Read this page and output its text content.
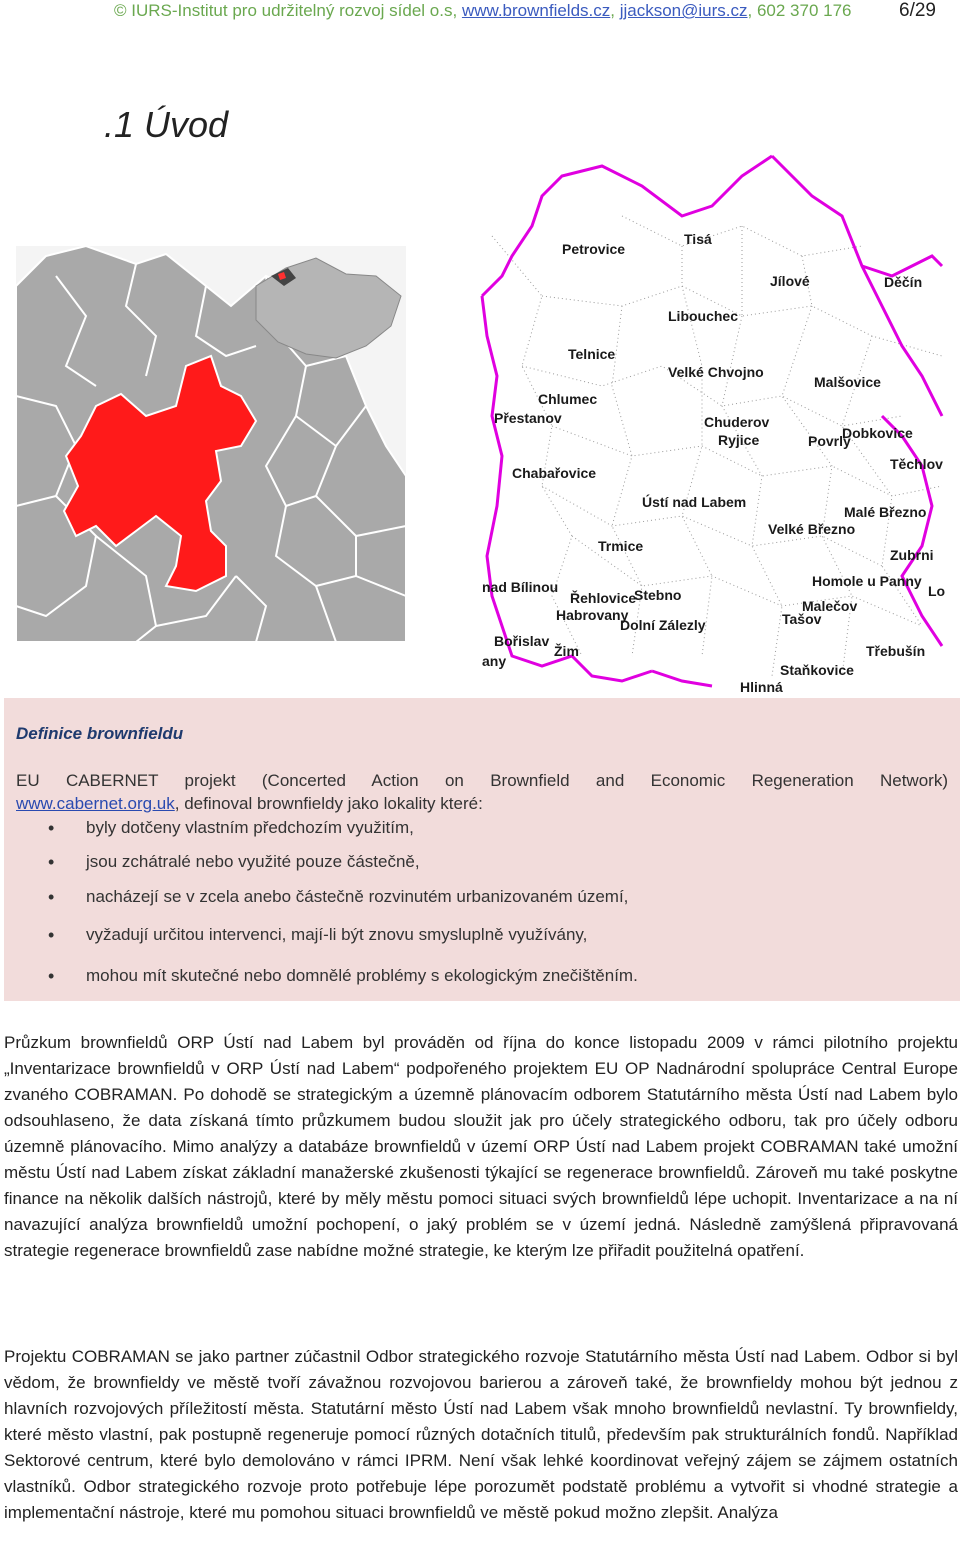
© IURS-Institut pro udržitelný rozvoj sídel o.s, www.brownfields.cz, jjackson@iurs.cz, 602 370 176	6/29
.1 Úvod
Petrovice
Tisá
Jílové	Děčín
Libouchec
Telnice
Velké Chvojno
Malšovice
Chlumec
Přestanov	Chuderov
Ryjice	Povrly
Dobkovice
Těchlov
Chabařovice
Ústí nad Labem
Malé Březno
Velké Březno
Trmice
Zubrni
Homole u Panny
Lo
nad Bílinou
Řehlovice
Stebno
Habrovany
Dolní Zálezly
Malečov
Tašov
Bořislav
Žim
any
Třebušín
Staňkovice
Hlinná
Definice brownfieldu
EU CABERNET projekt (Concerted Action on Brownfield and Economic Regeneration Network)
www.cabernet.org.uk, definoval brownfieldy jako lokality které:
• byly dotčeny vlastním předchozím využitím,
• jsou zchátralé nebo využité pouze částečně,
• nacházejí se v zcela anebo částečně rozvinutém urbanizovaném území,
• vyžadují určitou intervenci, mají-li být znovu smysluplně využívány,
• mohou mít skutečné nebo domnělé problémy s ekologickým znečištěním.

Průzkum brownfieldů ORP Ústí nad Labem byl prováděn od října do konce listopadu 2009 v rámci pilotního projektu „Inventarizace brownfieldů v ORP Ústí nad Labem“ podpořeného projektem EU OP Nadnárodní spolupráce Central Europe zvaného COBRAMAN. Po dohodě se strategickým a územně plánovacím odborem Statutárního města Ústí nad Labem bylo odsouhlaseno, že data získaná tímto průzkumem budou sloužit jak pro účely strategického odboru, tak pro účely odboru územně plánovacího. Mimo analýzy a databáze brownfieldů v území ORP Ústí nad Labem projekt COBRAMAN také umožní městu Ústí nad Labem získat základní manažerské zkušenosti týkající se regenerace brownfieldů. Zároveň mu také poskytne finance na několik dalších nástrojů, které by měly městu pomoci situaci svých brownfieldů lépe uchopit. Inventarizace a na ní navazující analýza brownfieldů umožní pochopení, o jaký problém se v území jedná. Následně zamýšlená připravovaná strategie regenerace brownfieldů zase nabídne možné strategie, ke kterým lze přiřadit použitelná opatření.

Projektu COBRAMAN se jako partner zúčastnil Odbor strategického rozvoje Statutárního města Ústí nad Labem. Odbor si byl vědom, že brownfieldy ve městě tvoří závažnou rozvojovou barierou a zároveň také, že brownfieldy mohou být jednou z hlavních rozvojových příležitostí města. Statutární město Ústí nad Labem však mnoho brownfieldů nevlastní. Ty brownfieldy, které město vlastní, pak postupně regeneruje pomocí různých dotačních titulů, především pak strukturálních fondů. Například Sektorové centrum, které bylo demolováno v rámci IPRM. Není však lehké koordinovat veřejný zájem se zájmem ostatních vlastníků. Odbor strategického rozvoje proto potřebuje lépe porozumět podstatě problému a vytvořit si vhodné strategie a implementační nástroje, které mu pomohou situaci brownfieldů ve městě pokud možno zlepšit. Analýza
